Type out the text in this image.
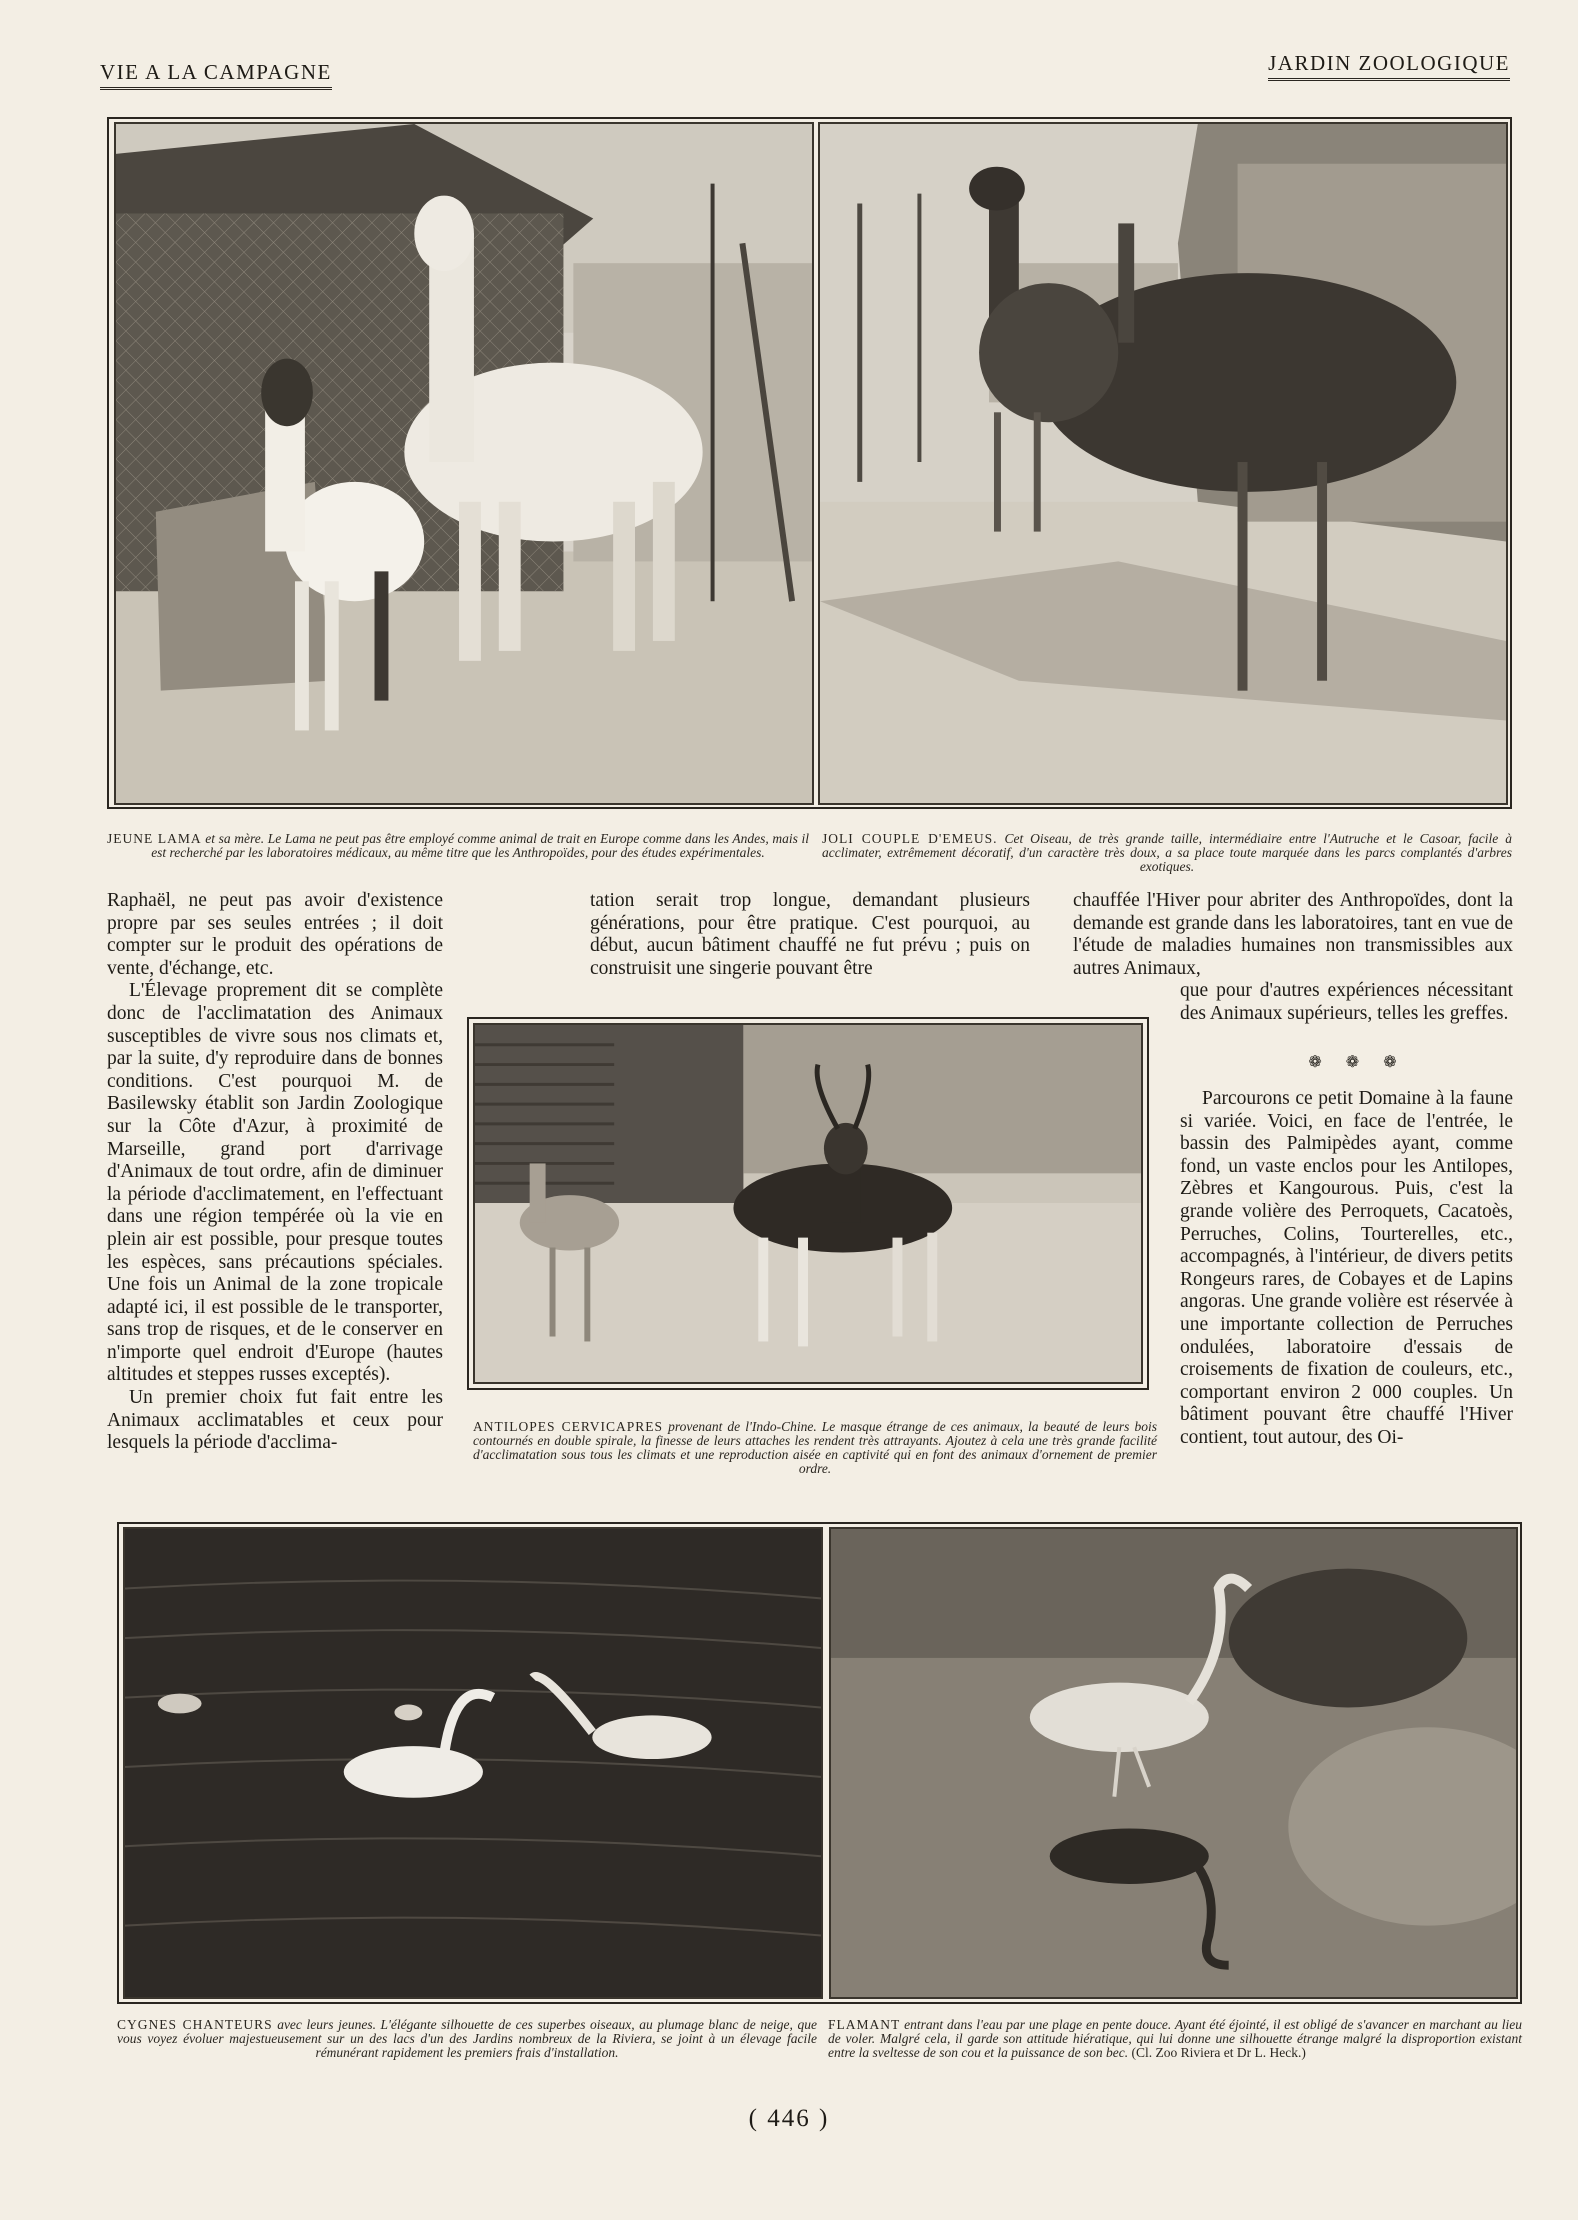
VIE A LA CAMPAGNE	JARDIN ZOOLOGIQUE
JEUNE LAMA et sa mère. Le Lama ne peut pas être employé comme animal de trait en Europe comme dans les Andes, mais il est recherché par les laboratoires médicaux, au même titre que les Anthropoïdes, pour des études expérimentales.
JOLI COUPLE D'EMEUS. Cet Oiseau, de très grande taille, intermédiaire entre l'Autruche et le Casoar, facile à acclimater, extrêmement décoratif, d'un caractère très doux, a sa place toute marquée dans les parcs complantés d'arbres exotiques.

Raphaël, ne peut pas avoir d'existence propre par ses seules entrées ; il doit compter sur le produit des opérations de vente, d'échange, etc.

L'Élevage proprement dit se complète donc de l'acclimatation des Animaux susceptibles de vivre sous nos climats et, par la suite, d'y reproduire dans de bonnes conditions. C'est pourquoi M. de Basilewsky établit son Jardin Zoologique sur la Côte d'Azur, à proximité de Marseille, grand port d'arrivage d'Animaux de tout ordre, afin de diminuer la période d'acclimatement, en l'effectuant dans une région tempérée où la vie en plein air est possible, pour presque toutes les espèces, sans précautions spéciales. Une fois un Animal de la zone tropicale adapté ici, il est possible de le transporter, sans trop de risques, et de le conserver en n'importe quel endroit d'Europe (hautes altitudes et steppes russes exceptés).

Un premier choix fut fait entre les Animaux acclimatables et ceux pour lesquels la période d'acclima-

tation serait trop longue, demandant plusieurs générations, pour être pratique. C'est pourquoi, au début, aucun bâtiment chauffé ne fut prévu ; puis on construisit une singerie pouvant être

chauffée l'Hiver pour abriter des Anthropoïdes, dont la demande est grande dans les laboratoires, tant en vue de l'étude de maladies humaines non transmissibles aux autres Animaux,

que pour d'autres expériences nécessitant des Animaux supérieurs, telles les greffes.

❁ ❁ ❁

Parcourons ce petit Domaine à la faune si variée. Voici, en face de l'entrée, le bassin des Palmipèdes ayant, comme fond, un vaste enclos pour les Antilopes, Zèbres et Kangourous. Puis, c'est la grande volière des Perroquets, Cacatoès, Perruches, Colins, Tourterelles, etc., accompagnés, à l'intérieur, de divers petits Rongeurs rares, de Cobayes et de Lapins angoras. Une grande volière est réservée à une importante collection de Perruches ondulées, laboratoire d'essais de croisements de fixation de couleurs, etc., comportant environ 2 000 couples. Un bâtiment pouvant être chauffé l'Hiver contient, tout autour, des Oi-

ANTILOPES CERVICAPRES provenant de l'Indo-Chine. Le masque étrange de ces animaux, la beauté de leurs bois contournés en double spirale, la finesse de leurs attaches les rendent très attrayants. Ajoutez à cela une très grande facilité d'acclimatation sous tous les climats et une reproduction aisée en captivité qui en font des animaux d'ornement de premier ordre.
CYGNES CHANTEURS avec leurs jeunes. L'élégante silhouette de ces superbes oiseaux, au plumage blanc de neige, que vous voyez évoluer majestueusement sur un des lacs d'un des Jardins nombreux de la Riviera, se joint à un élevage facile rémunérant rapidement les premiers frais d'installation.
FLAMANT entrant dans l'eau par une plage en pente douce. Ayant été éjointé, il est obligé de s'avancer en marchant au lieu de voler. Malgré cela, il garde son attitude hiératique, qui lui donne une silhouette étrange malgré la disproportion existant entre la sveltesse de son cou et la puissance de son bec. (Cl. Zoo Riviera et Dr L. Heck.)
( 446 )
